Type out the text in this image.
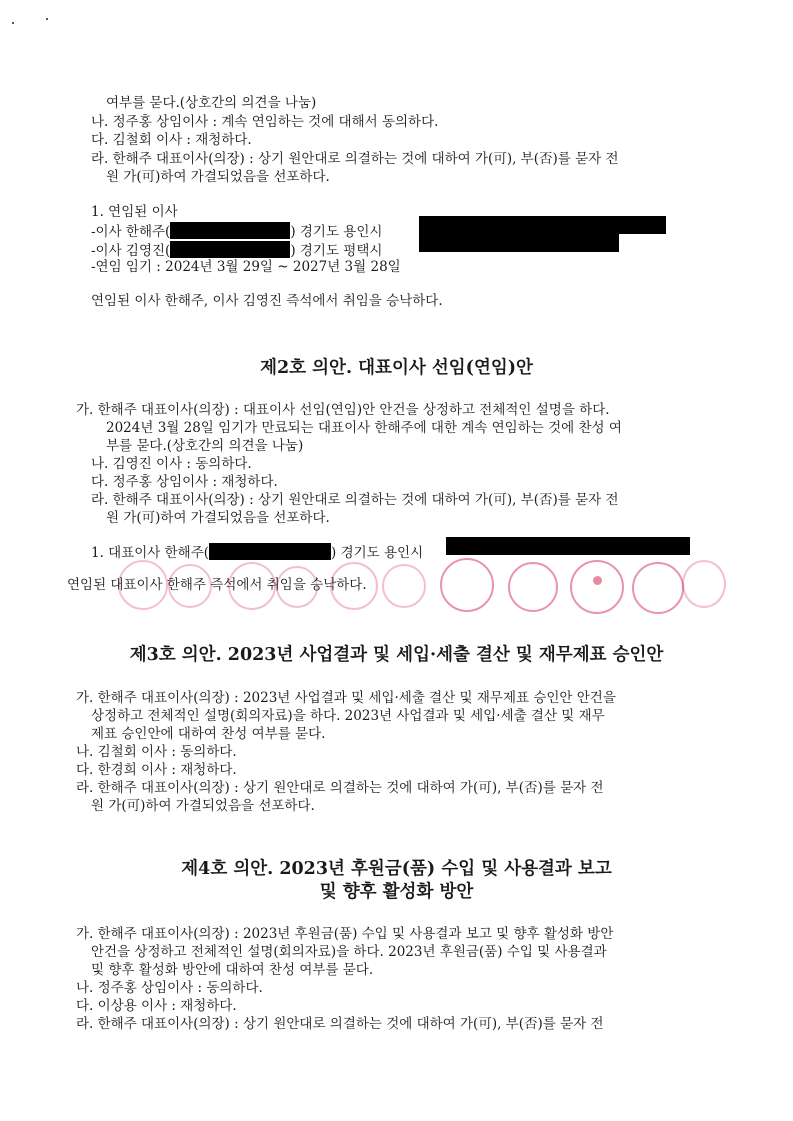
여부를 묻다.(상호간의 의견을 나눔)
나. 정주홍 상임이사 : 계속 연임하는 것에 대해서 동의하다.
다. 김철회 이사 : 재청하다.
라. 한해주 대표이사(의장) : 상기 원안대로 의결하는 것에 대하여 가(可), 부(否)를 묻자 전
원 가(可)하여 가결되었음을 선포하다.
1. 연임된 이사
-이사 한해주(	) 경기도 용인시
-이사 김영진(	) 경기도 평택시
-연임 임기 : 2024년 3월 29일 ~ 2027년 3월 28일
연임된 이사 한해주, 이사 김영진 즉석에서 취임을 승낙하다.
제2호 의안. 대표이사 선임(연임)안
가. 한해주 대표이사(의장) : 대표이사 선임(연임)안 안건을 상정하고 전체적인 설명을 하다.
2024년 3월 28일 임기가 만료되는 대표이사 한해주에 대한 계속 연임하는 것에 찬성 여
부를 묻다.(상호간의 의견을 나눔)
나. 김영진 이사 : 동의하다.
다. 정주홍 상임이사 : 재청하다.
라. 한해주 대표이사(의장) : 상기 원안대로 의결하는 것에 대하여 가(可), 부(否)를 묻자 전
원 가(可)하여 가결되었음을 선포하다.
1. 대표이사 한해주(	) 경기도 용인시
연임된 대표이사 한해주 즉석에서 취임을 승낙하다.
제3호 의안. 2023년 사업결과 및 세입·세출 결산 및 재무제표 승인안
가. 한해주 대표이사(의장) : 2023년 사업결과 및 세입·세출 결산 및 재무제표 승인안 안건을
상정하고 전체적인 설명(회의자료)을 하다. 2023년 사업결과 및 세입·세출 결산 및 재무
제표 승인안에 대하여 찬성 여부를 묻다.
나. 김철회 이사 : 동의하다.
다. 한경희 이사 : 재청하다.
라. 한해주 대표이사(의장) : 상기 원안대로 의결하는 것에 대하여 가(可), 부(否)를 묻자 전
원 가(可)하여 가결되었음을 선포하다.
제4호 의안. 2023년 후원금(품) 수입 및 사용결과 보고
및 향후 활성화 방안
가. 한해주 대표이사(의장) : 2023년 후원금(품) 수입 및 사용결과 보고 및 향후 활성화 방안
안건을 상정하고 전체적인 설명(회의자료)을 하다. 2023년 후원금(품) 수입 및 사용결과
및 향후 활성화 방안에 대하여 찬성 여부를 묻다.
나. 정주홍 상임이사 : 동의하다.
다. 이상용 이사 : 재청하다.
라. 한해주 대표이사(의장) : 상기 원안대로 의결하는 것에 대하여 가(可), 부(否)를 묻자 전
